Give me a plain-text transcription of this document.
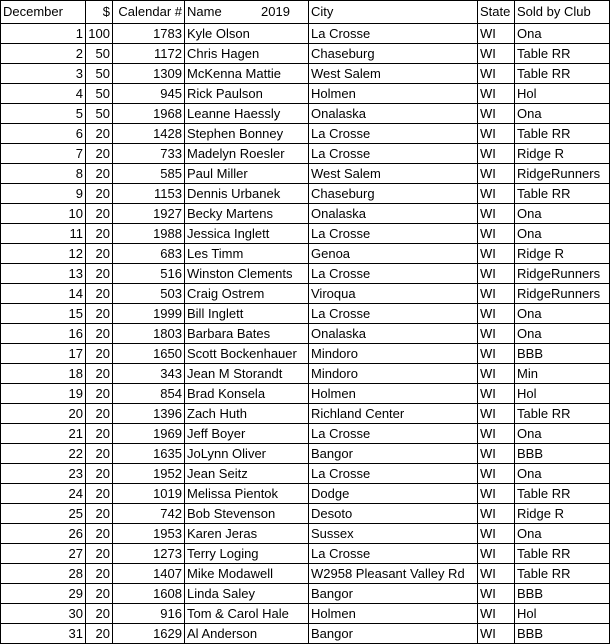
December	$	Calendar #	Name 2019	City	State	Sold by Club
1	100	1783	Kyle Olson	La Crosse	WI	Ona
2	50	1172	Chris Hagen	Chaseburg	WI	Table RR
3	50	1309	McKenna Mattie	West Salem	WI	Table RR
4	50	945	Rick Paulson	Holmen	WI	Hol
5	50	1968	Leanne Haessly	Onalaska	WI	Ona
6	20	1428	Stephen Bonney	La Crosse	WI	Table RR
7	20	733	Madelyn Roesler	La Crosse	WI	Ridge R
8	20	585	Paul Miller	West Salem	WI	RidgeRunners
9	20	1153	Dennis Urbanek	Chaseburg	WI	Table RR
10	20	1927	Becky Martens	Onalaska	WI	Ona
11	20	1988	Jessica Inglett	La Crosse	WI	Ona
12	20	683	Les Timm	Genoa	WI	Ridge R
13	20	516	Winston Clements	La Crosse	WI	RidgeRunners
14	20	503	Craig Ostrem	Viroqua	WI	RidgeRunners
15	20	1999	Bill Inglett	La Crosse	WI	Ona
16	20	1803	Barbara Bates	Onalaska	WI	Ona
17	20	1650	Scott Bockenhauer	Mindoro	WI	BBB
18	20	343	Jean M Storandt	Mindoro	WI	Min
19	20	854	Brad Konsela	Holmen	WI	Hol
20	20	1396	Zach Huth	Richland Center	WI	Table RR
21	20	1969	Jeff Boyer	La Crosse	WI	Ona
22	20	1635	JoLynn Oliver	Bangor	WI	BBB
23	20	1952	Jean Seitz	La Crosse	WI	Ona
24	20	1019	Melissa Pientok	Dodge	WI	Table RR
25	20	742	Bob Stevenson	Desoto	WI	Ridge R
26	20	1953	Karen Jeras	Sussex	WI	Ona
27	20	1273	Terry Loging	La Crosse	WI	Table RR
28	20	1407	Mike Modawell	W2958 Pleasant Valley Rd	WI	Table RR
29	20	1608	Linda Saley	Bangor	WI	BBB
30	20	916	Tom & Carol Hale	Holmen	WI	Hol
31	20	1629	Al Anderson	Bangor	WI	BBB
